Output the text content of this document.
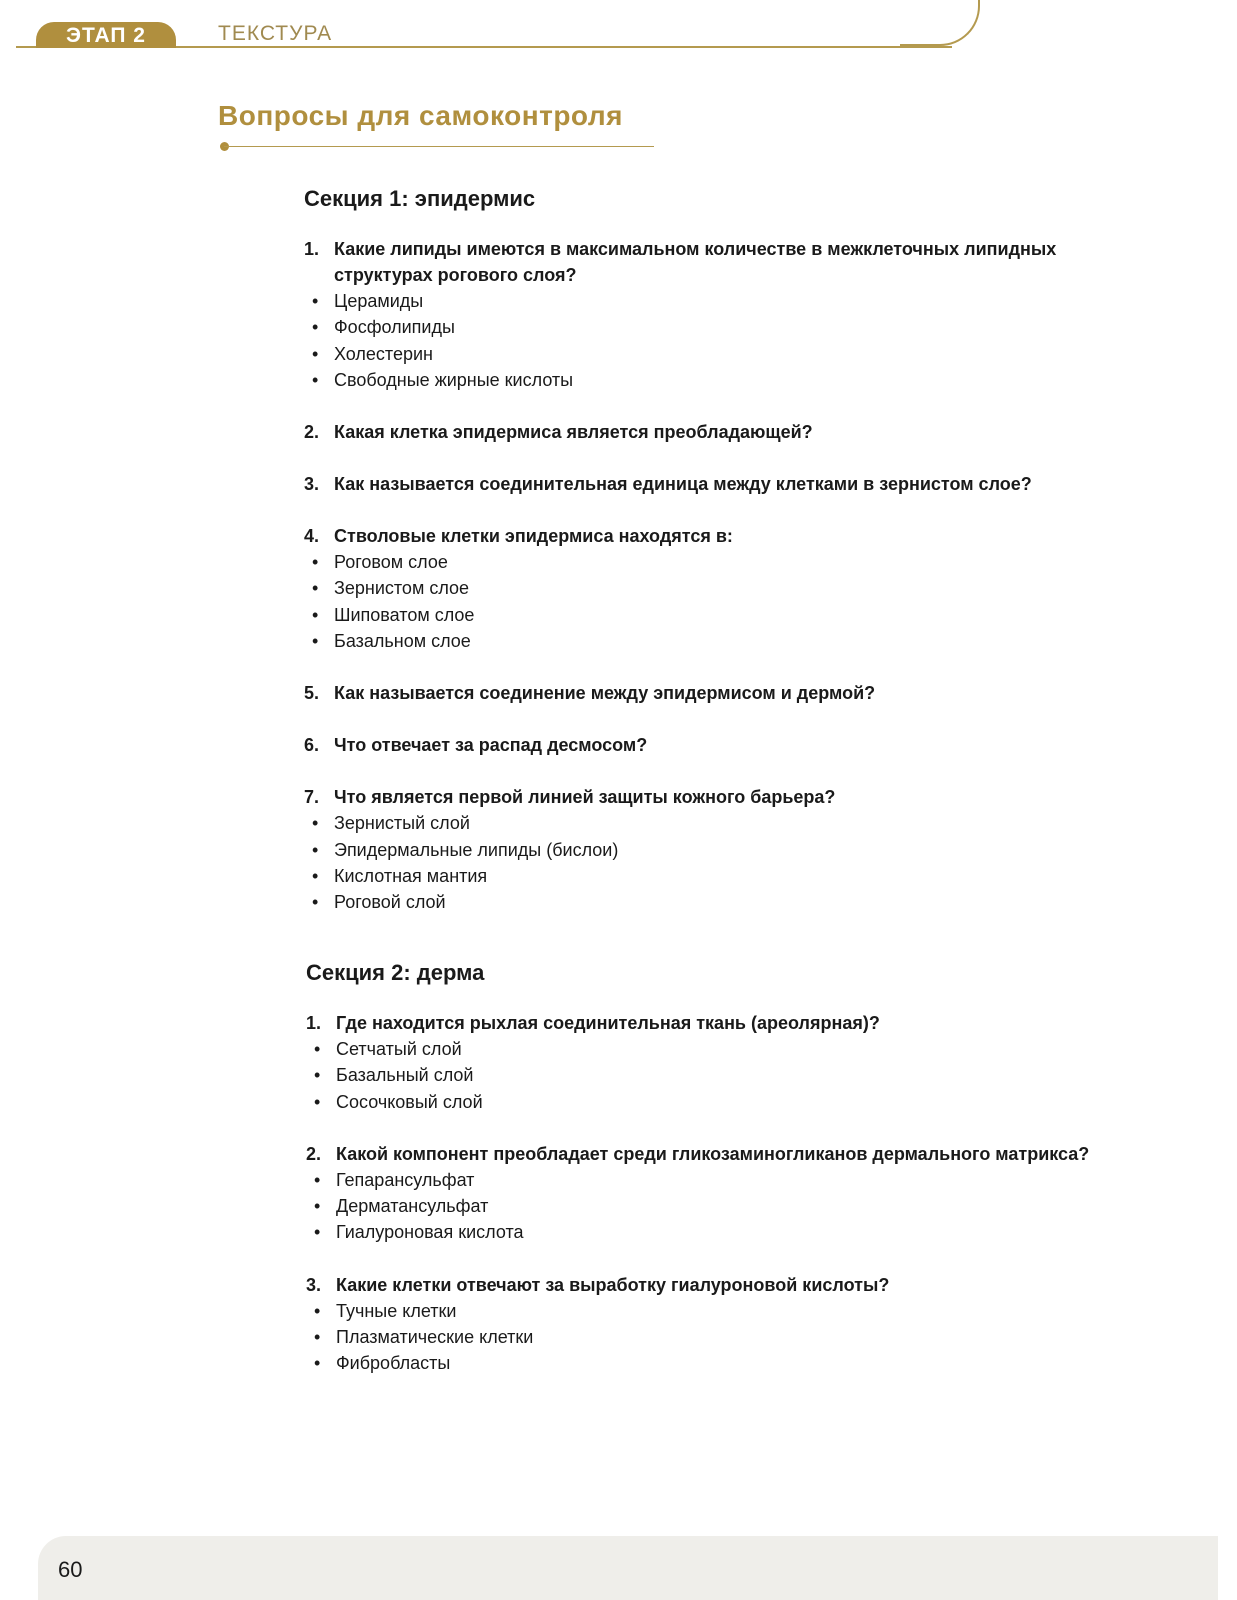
ЭТАП 2	ТЕКСТУРА
Вопросы для самоконтроля
Секция 1: эпидермис
1. Какие липиды имеются в максимальном количестве в межклеточных липидных структурах рогового слоя?
• Церамиды
• Фосфолипиды
• Холестерин
• Свободные жирные кислоты
2. Какая клетка эпидермиса является преобладающей?
3. Как называется соединительная единица между клетками в зернистом слое?
4. Стволовые клетки эпидермиса находятся в:
• Роговом слое
• Зернистом слое
• Шиповатом слое
• Базальном слое
5. Как называется соединение между эпидермисом и дермой?
6. Что отвечает за распад десмосом?
7. Что является первой линией защиты кожного барьера?
• Зернистый слой
• Эпидермальные липиды (бислои)
• Кислотная мантия
• Роговой слой
Секция 2: дерма
1. Где находится рыхлая соединительная ткань (ареолярная)?
• Сетчатый слой
• Базальный слой
• Сосочковый слой
2. Какой компонент преобладает среди гликозаминогликанов дермального матрикса?
• Гепарансульфат
• Дерматансульфат
• Гиалуроновая кислота
3. Какие клетки отвечают за выработку гиалуроновой кислоты?
• Тучные клетки
• Плазматические клетки
• Фибробласты
60
